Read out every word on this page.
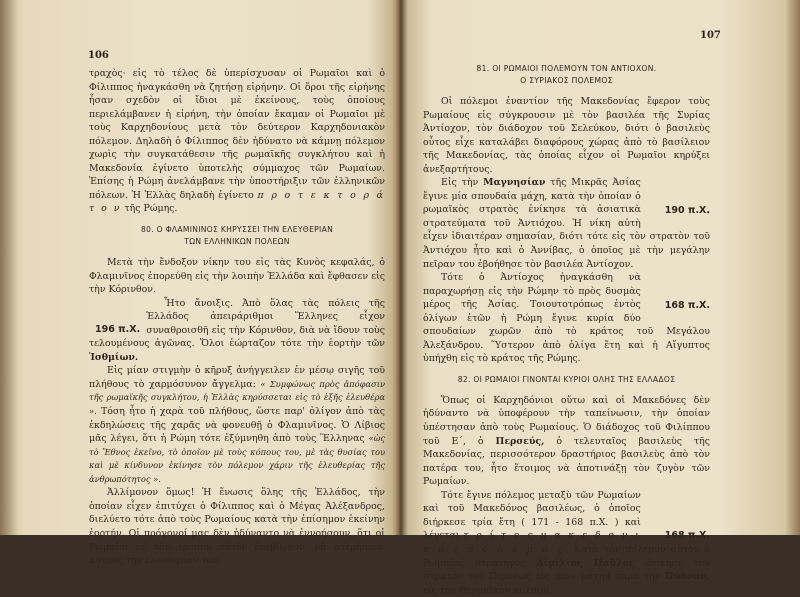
106

τραχὸς· εἰς τὸ τέλος δὲ ὑπερίσχυσαν οἱ Ρωμαῖοι καὶ ὁ Φίλιππος ἠναγκάσθη νὰ ζητήσῃ εἰρήνην. Οἱ ὅροι τῆς εἰρήνης ἦσαν σχεδὸν οἱ ἴδιοι μὲ ἐκείνους, τοὺς ὁποίους περιελάμβανεν ἡ εἰρήνη, τὴν ὁποίαν ἔκαμαν οἱ Ρωμαῖοι μὲ τοὺς Καρχηδονίους μετὰ τὸν δεύτερον Καρχηδονιακὸν πόλεμον. Δηλαδὴ ὁ Φίλιππος δὲν ἠδύνατο νὰ κάμνῃ πόλεμον χωρὶς τὴν συγκατάθεσιν τῆς ρωμαϊκῆς συγκλήτου καὶ ἡ Μακεδονία ἐγίνετο ὑποτελὴς σύμμαχος τῶν Ρωμαίων. Ἐπίσης ἡ Ρώμη ἀνελάμβανε τὴν ὑποστήριξιν τῶν ἑλληνικῶν πόλεων. Ἡ Ἑλλὰς δηλαδὴ ἐγίνετο π ρ ο τ ε κ τ ο ρ ά τ ο ν τῆς Ρώμης.

80. Ο ΦΛΑΜΙΝΙΝΟΣ ΚΗΡΥΣΣΕΙ ΤΗΝ ΕΛΕΥΘΕΡΙΑΝ
ΤΩΝ ΕΛΛΗΝΙΚΩΝ ΠΟΛΕΩΝ

Μετὰ τὴν ἔνδοξον νίκην του εἰς τὰς Κυνὸς κεφαλάς, ὁ Φλαμινῖνος ἐπορεύθη εἰς τὴν λοιπὴν Ἑλλάδα καὶ ἔφθασεν εἰς τὴν Κόρινθον.

196 π.Χ.
Ἦτο ἄνοιξις. Ἀπὸ ὅλας τὰς πόλεις τῆς Ἑλλάδος ἀπειράριθμοι Ἕλληνες εἶχον συναθροισθῆ εἰς τὴν Κόρινθον, διὰ νὰ ἴδουν τοὺς τελουμένους ἀγῶνας. Ὅλοι ἑώρταζον τότε τὴν ἑορτὴν τῶν Ἰσθμίων.

Εἰς μίαν στιγμὴν ὁ κῆρυξ ἀνήγγειλεν ἐν μέσῳ σιγῆς τοῦ πλήθους τὸ χαρμόσυνον ἄγγελμα: « Συμφώνως πρὸς ἀπόφασιν τῆς ρωμαϊκῆς συγκλήτου, ἡ Ἑλλὰς κηρύσσεται εἰς τὸ ἑξῆς ἐλευθέρα ». Τόση ἦτο ἡ χαρὰ τοῦ πλήθους, ὥστε παρ' ὀλίγον ἀπὸ τὰς ἐκδηλώσεις τῆς χαρᾶς νὰ φονευθῇ ὁ Φλαμινῖνος. Ὁ Λίβιος μᾶς λέγει, ὅτι ἡ Ρώμη τότε ἐξύμνηθη ἀπὸ τοὺς Ἕλληνας «ὡς τὸ Ἔθνος ἐκεῖνο, τὸ ὁποῖον μὲ τοὺς κόπους του, μὲ τὰς θυσίας του καὶ μὲ κίνδυνον ἐκίνησε τὸν πόλεμον χάριν τῆς ἐλευθερίας τῆς ἀνθρωπότητος ».

Ἀλλίμονον ὅμως! Ἡ ἕνωσις ὅλης τῆς Ἑλλάδος, τὴν ὁποίαν εἶχεν ἐπιτύχει ὁ Φίλιππος καὶ ὁ Μέγας Ἀλέξανδρος, διελύετο τότε ἀπὸ τοὺς Ρωμαίους κατὰ τὴν ἐπίσημον ἐκείνην ἑορτήν. Οἱ πρόγονοί μας δὲν ἠδύναντο νὰ ἐννοήσουν, ὅτι οἱ Ρωμαῖοι μὲ τὸν τρόπον αὐτὸν ἐπεβίωκον, νὰ στερήσουν αὐτοὺς τὴν ἐλευθερίαν των.

107
81. ΟΙ ΡΩΜΑΙΟΙ ΠΟΛΕΜΟΥΝ ΤΟΝ ΑΝΤΙΟΧΟΝ.
Ο ΣΥΡΙΑΚΟΣ ΠΟΛΕΜΟΣ

Οἱ πόλεμοι ἐναντίον τῆς Μακεδονίας ἔφερον τοὺς Ρωμαίους εἰς σύγκρουσιν μὲ τὸν βασιλέα τῆς Συρίας Ἀντίοχον, τὸν διάδοχον τοῦ Σελεύκου, διότι ὁ βασιλεὺς οὗτος εἶχε καταλάβει διαφόρους χώρας ἀπὸ τὸ βασίλειον τῆς Μακεδονίας, τὰς ὁποίας εἶχον οἱ Ρωμαῖοι κηρύξει ἀνεξαρτήτους.

190 π.Χ.
Εἰς τὴν Μαγνησίαν τῆς Μικρᾶς Ἀσίας ἔγινε μία σπουδαία μάχη, κατὰ τὴν ὁποίαν ὁ ρωμαϊκὸς στρατὸς ἐνίκησε τὰ ἀσιατικὰ στρατεύματα τοῦ Ἀντιόχου. Ἡ νίκη αὐτὴ εἶχεν ἰδιαιτέραν σημασίαν, διότι τότε εἰς τὸν στρατὸν τοῦ Ἀντιόχου ἦτο καὶ ὁ Ἀννίβας, ὁ ὁποῖος μὲ τὴν μεγάλην πεῖραν του ἐβοήθησε τὸν βασιλέα Ἀντίοχον.

168 π.Χ.
Τότε ὁ Ἀντίοχος ἠναγκάσθη νὰ παραχωρήσῃ εἰς τὴν Ρώμην τὸ πρὸς δυσμὰς μέρος τῆς Ἀσίας. Τοιουτοτρόπως ἐντὸς ὀλίγων ἐτῶν ἡ Ρώμη ἔγινε κυρία δύο σπουδαίων χωρῶν ἀπὸ τὸ κράτος τοῦ Μεγάλου Ἀλεξάνδρου. Ὕστερον ἀπὸ ὀλίγα ἔτη καὶ ἡ Αἴγυπτος ὑπήχθη εἰς τὸ κράτος τῆς Ρώμης.

82. ΟΙ ΡΩΜΑΙΟΙ ΓΙΝΟΝΤΑΙ ΚΥΡΙΟΙ ΟΛΗΣ ΤΗΣ ΕΛΛΑΔΟΣ

Ὅπως οἱ Καρχηδόνιοι οὕτω καὶ οἱ Μακεδόνες δὲν ἠδύναντο νὰ ὑποφέρουν τὴν ταπείνωσιν, τὴν ὁποίαν ὑπέστησαν ἀπὸ τοὺς Ρωμαίους. Ὁ διάδοχος τοῦ Φιλίππου τοῦ Ε΄, ὁ Περσεύς, ὁ τελευταῖος βασιλεὺς τῆς Μακεδονίας, περισσότερον δραστήριος βασιλεὺς ἀπὸ τὸν πατέρα του, ἦτο ἕτοιμος νὰ ἀποτινάξῃ τὸν ζυγὸν τῶν Ρωμαίων.

168 π.Χ.
Τότε ἔγινε πόλεμος μεταξὺ τῶν Ρωμαίων καὶ τοῦ Μακεδόνος βασιλέως, ὁ ὁποῖος διήρκεσε τρία ἔτη ( 171 - 168 π.Χ. ) καὶ λέγεται τ ρ ί τ ο ς μ α κ ε δ ο ν ι κ ὸ ς π ό λ ε μ ο ς. Κατὰ τὸν πόλεμον αὐτὸν ὁ Ρωμαῖος στρατηγὸς Αἰμίλιος Παῦλος ἐνίκησε τὸν στρατὸν τοῦ Περσέως εἰς μίαν μάχην παρὰ τὴν Πύδναν, εἰς τὸν Θερμαϊκὸν κόλπον.
